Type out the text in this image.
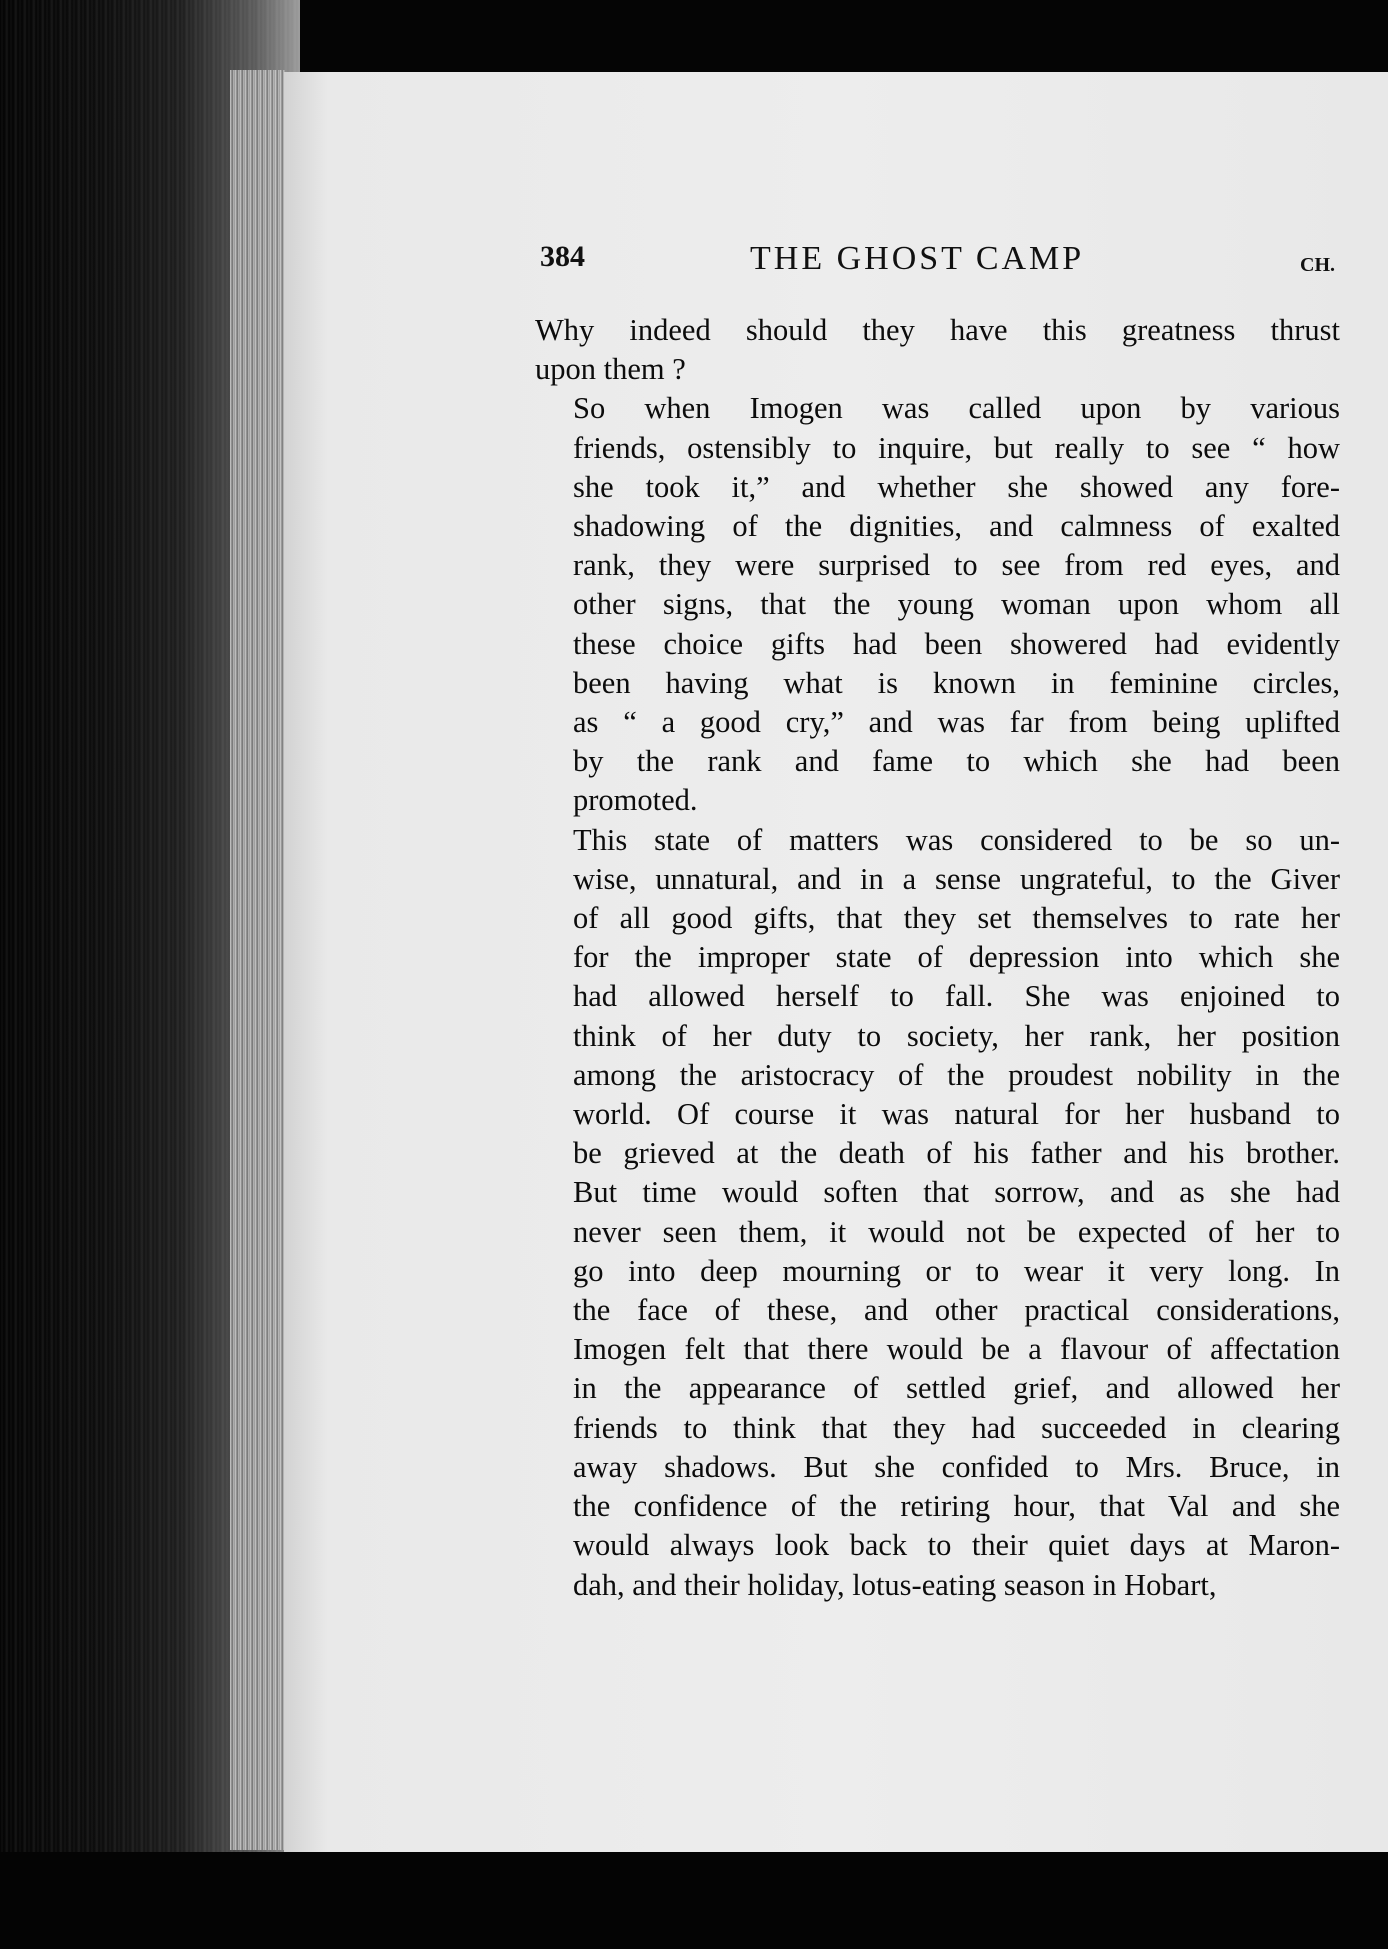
384	THE GHOST CAMP	CH.

Why indeed should they have this greatness thrust
upon them ?

So when Imogen was called upon by various
friends, ostensibly to inquire, but really to see “ how
she took it,” and whether she showed any fore-
shadowing of the dignities, and calmness of exalted
rank, they were surprised to see from red eyes, and
other signs, that the young woman upon whom all
these choice gifts had been showered had evidently
been having what is known in feminine circles,
as “ a good cry,” and was far from being uplifted
by the rank and fame to which she had been
promoted.

This state of matters was considered to be so un-
wise, unnatural, and in a sense ungrateful, to the Giver
of all good gifts, that they set themselves to rate her
for the improper state of depression into which she
had allowed herself to fall. She was enjoined to
think of her duty to society, her rank, her position
among the aristocracy of the proudest nobility in the
world. Of course it was natural for her husband to
be grieved at the death of his father and his brother.
But time would soften that sorrow, and as she had
never seen them, it would not be expected of her to
go into deep mourning or to wear it very long. In
the face of these, and other practical considerations,
Imogen felt that there would be a flavour of affectation
in the appearance of settled grief, and allowed her
friends to think that they had succeeded in clearing
away shadows. But she confided to Mrs. Bruce, in
the confidence of the retiring hour, that Val and she
would always look back to their quiet days at Maron-
dah, and their holiday, lotus-eating season in Hobart,
